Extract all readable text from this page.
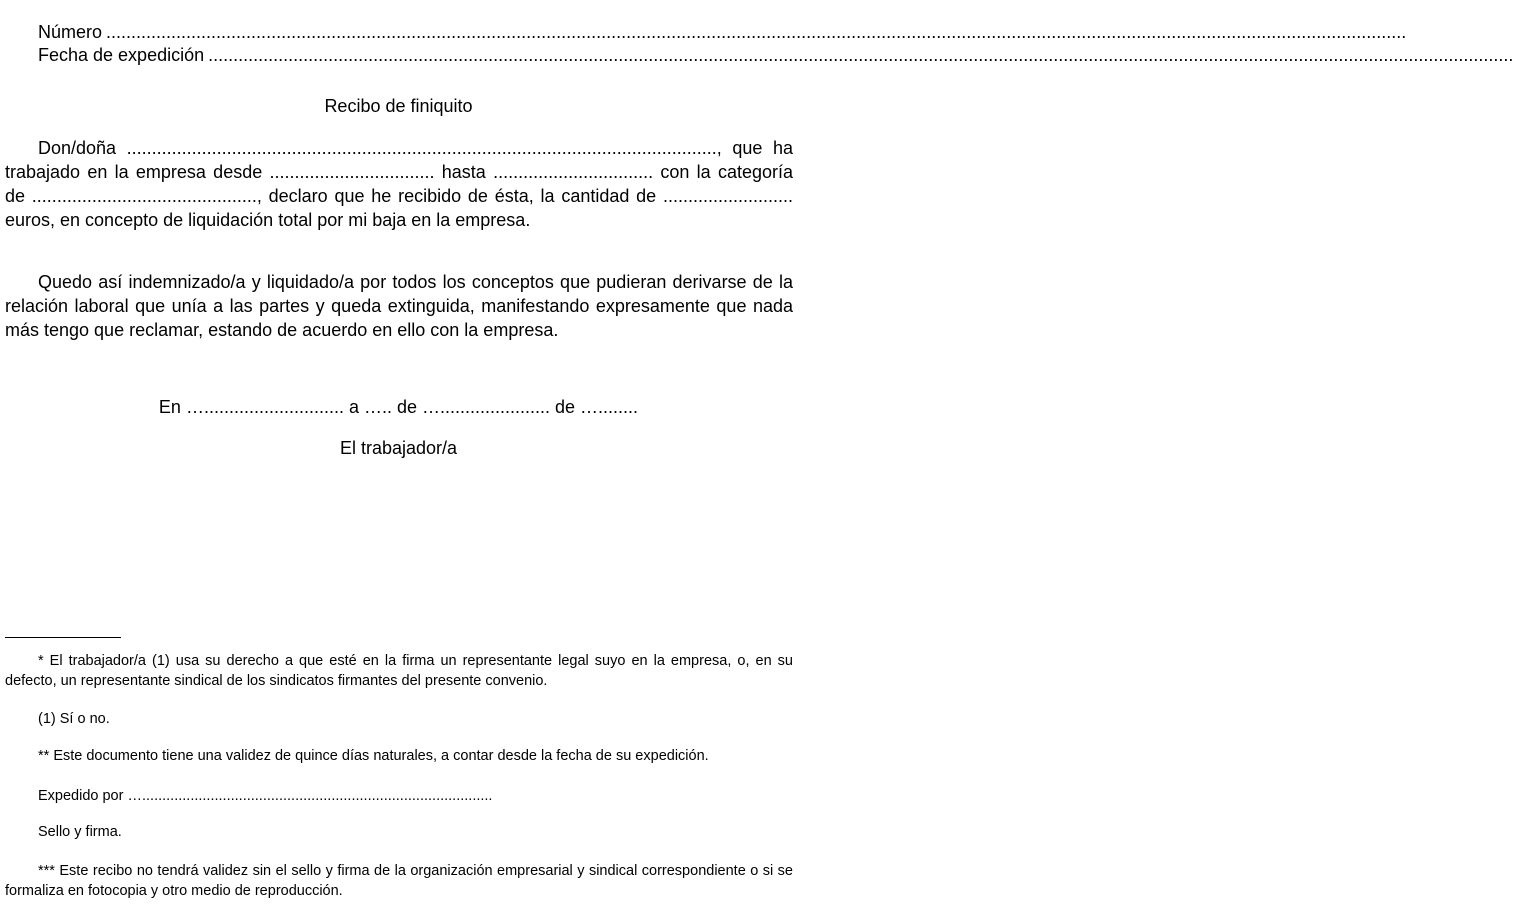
Número ....................................................................................................................................................................................................................................................................
Fecha de expedición .....................................................................................................................................................................................................................................................................
Recibo de finiquito

Don/doña ......................................................................................................................, que ha trabajado en la empresa desde ................................. hasta ................................ con la categoría de ............................................., declaro que he recibido de ésta, la cantidad de .......................... euros, en concepto de liquidación total por mi baja en la empresa.

Quedo así indemnizado/a y liquidado/a por todos los conceptos que pudieran derivarse de la relación laboral que unía a las partes y queda extinguida, manifestando expresamente que nada más tengo que reclamar, estando de acuerdo en ello con la empresa.

En …............................ a ….. de …...................... de …........
El trabajador/a

* El trabajador/a (1) usa su derecho a que esté en la firma un representante legal suyo en la empresa, o, en su defecto, un representante sindical de los sindicatos firmantes del presente convenio.

(1) Sí o no.
** Este documento tiene una validez de quince días naturales, a contar desde la fecha de su expedición.
Expedido por ….......................................................................................
Sello y firma.

*** Este recibo no tendrá validez sin el sello y firma de la organización empresarial y sindical correspondiente o si se formaliza en fotocopia y otro medio de reproducción.
